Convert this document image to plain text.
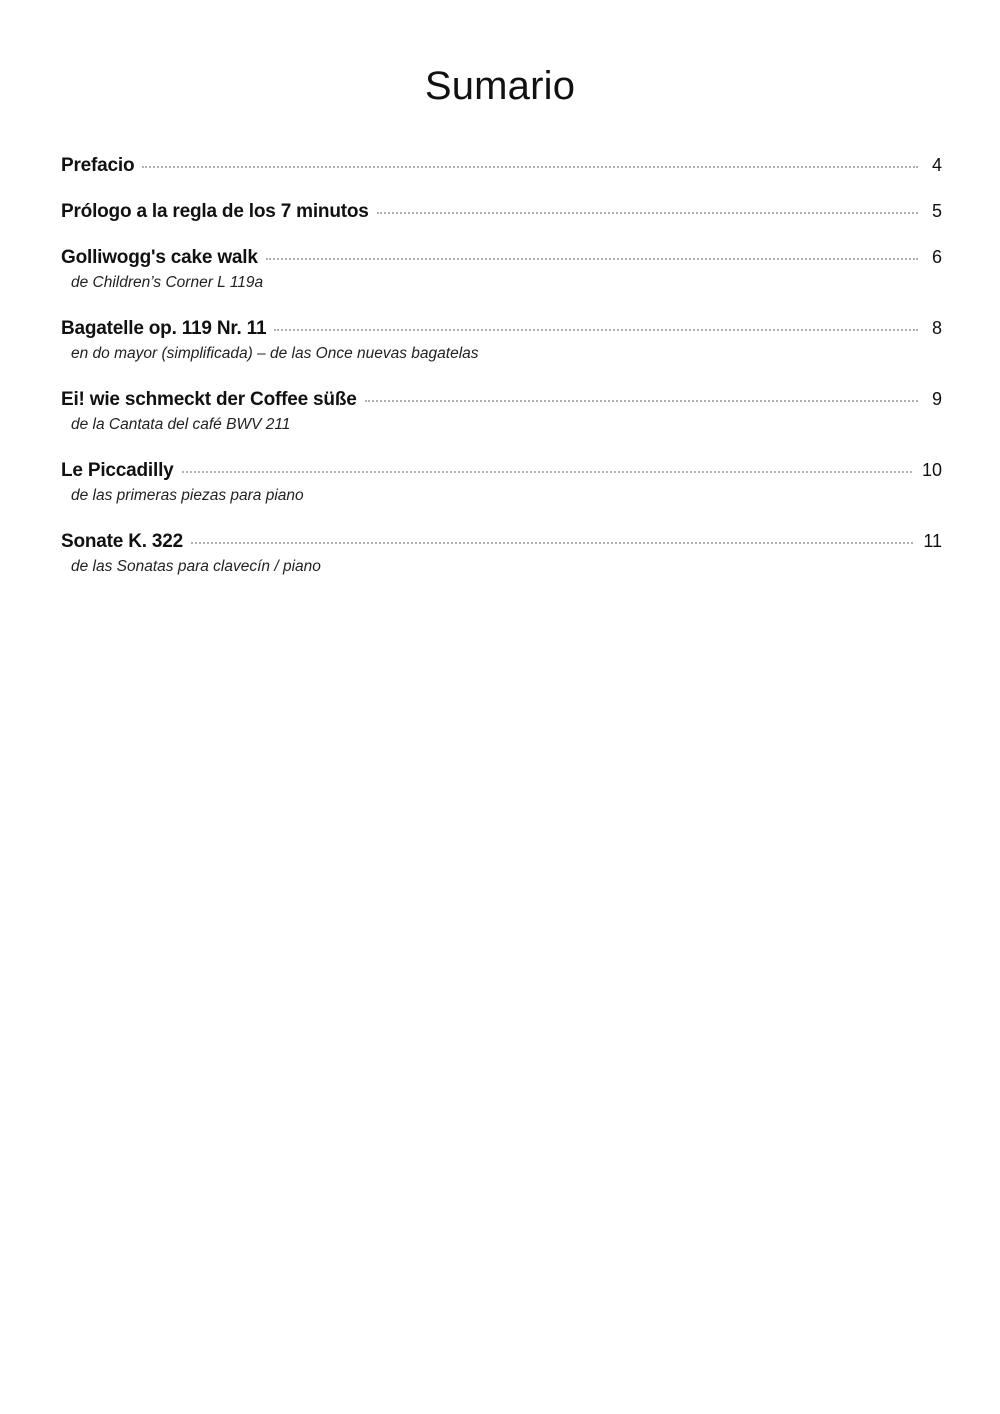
Sumario
Prefacio	4
Prólogo a la regla de los 7 minutos	5
Golliwogg's cake walk	6
de Children’s Corner L 119a
Bagatelle op. 119 Nr. 11	8
en do mayor (simplificada) – de las Once nuevas bagatelas
Ei! wie schmeckt der Coffee süße	9
de la Cantata del café BWV 211
Le Piccadilly	10
de las primeras piezas para piano
Sonate K. 322	11
de las Sonatas para clavecín / piano
